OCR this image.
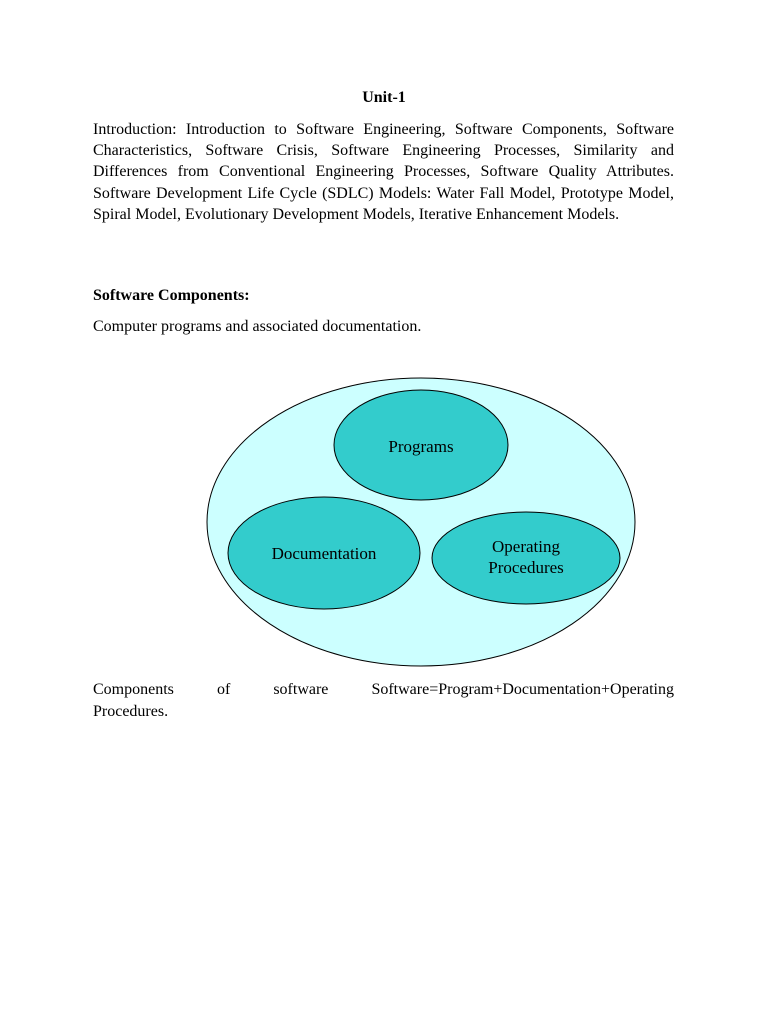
Unit-1

Introduction: Introduction to Software Engineering, Software Components, Software Characteristics, Software Crisis, Software Engineering Processes, Similarity and Differences from Conventional Engineering Processes, Software Quality Attributes. Software Development Life Cycle (SDLC) Models: Water Fall Model, Prototype Model, Spiral Model, Evolutionary Development Models, Iterative Enhancement Models.

Software Components:

Computer programs and associated documentation.

Programs
Documentation	Operating
Procedures
Components	of	software	Software=Program+Documentation+Operating
Procedures.
